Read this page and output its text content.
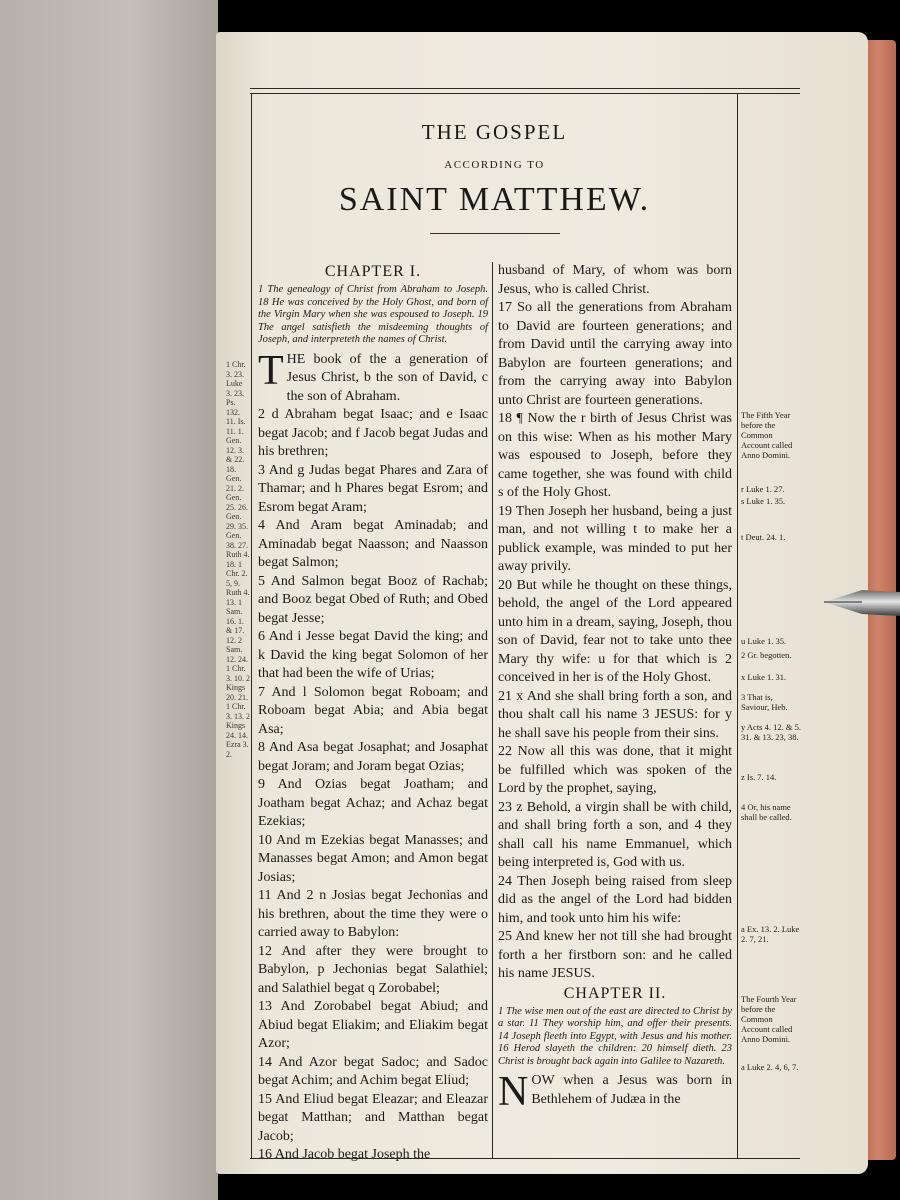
THE GOSPEL
ACCORDING TO
SAINT MATTHEW.
1 Chr. 3. 23. Luke 3. 23. Ps. 132. 11. Is. 11. 1. Gen. 12. 3. & 22. 18. Gen. 21. 2. Gen. 25. 26. Gen. 29. 35. Gen. 38. 27. Ruth 4. 18. 1 Chr. 2. 5, 9. Ruth 4. 13. 1 Sam. 16. 1. & 17. 12. 2 Sam. 12. 24. 1 Chr. 3. 10. 2 Kings 20. 21. 1 Chr. 3. 13. 2 Kings 24. 14. Ezra 3. 2.
CHAPTER I.
1 The genealogy of Christ from Abraham to Joseph. 18 He was conceived by the Holy Ghost, and born of the Virgin Mary when she was espoused to Joseph. 19 The angel satisfieth the misdeeming thoughts of Joseph, and interpreteth the names of Christ.

THE book of the a generation of Jesus Christ, b the son of David, c the son of Abraham.

2 d Abraham begat Isaac; and e Isaac begat Jacob; and f Jacob begat Judas and his brethren;

3 And g Judas begat Phares and Zara of Thamar; and h Phares begat Esrom; and Esrom begat Aram;

4 And Aram begat Aminadab; and Aminadab begat Naasson; and Naasson begat Salmon;

5 And Salmon begat Booz of Rachab; and Booz begat Obed of Ruth; and Obed begat Jesse;

6 And i Jesse begat David the king; and k David the king begat Solomon of her that had been the wife of Urias;

7 And l Solomon begat Roboam; and Roboam begat Abia; and Abia begat Asa;

8 And Asa begat Josaphat; and Josaphat begat Joram; and Joram begat Ozias;

9 And Ozias begat Joatham; and Joatham begat Achaz; and Achaz begat Ezekias;

10 And m Ezekias begat Manasses; and Manasses begat Amon; and Amon begat Josias;

11 And 2 n Josias begat Jechonias and his brethren, about the time they were o carried away to Babylon:

12 And after they were brought to Babylon, p Jechonias begat Salathiel; and Salathiel begat q Zorobabel;

13 And Zorobabel begat Abiud; and Abiud begat Eliakim; and Eliakim begat Azor;

14 And Azor begat Sadoc; and Sadoc begat Achim; and Achim begat Eliud;

15 And Eliud begat Eleazar; and Eleazar begat Matthan; and Matthan begat Jacob;

16 And Jacob begat Joseph the

husband of Mary, of whom was born Jesus, who is called Christ.

17 So all the generations from Abraham to David are fourteen generations; and from David until the carrying away into Babylon are fourteen generations; and from the carrying away into Babylon unto Christ are fourteen generations.

18 ¶ Now the r birth of Jesus Christ was on this wise: When as his mother Mary was espoused to Joseph, before they came together, she was found with child s of the Holy Ghost.

19 Then Joseph her husband, being a just man, and not willing t to make her a publick example, was minded to put her away privily.

20 But while he thought on these things, behold, the angel of the Lord appeared unto him in a dream, saying, Joseph, thou son of David, fear not to take unto thee Mary thy wife: u for that which is 2 conceived in her is of the Holy Ghost.

21 x And she shall bring forth a son, and thou shalt call his name 3 JESUS: for y he shall save his people from their sins.

22 Now all this was done, that it might be fulfilled which was spoken of the Lord by the prophet, saying,

23 z Behold, a virgin shall be with child, and shall bring forth a son, and 4 they shall call his name Emmanuel, which being interpreted is, God with us.

24 Then Joseph being raised from sleep did as the angel of the Lord had bidden him, and took unto him his wife:

25 And knew her not till she had brought forth a her firstborn son: and he called his name JESUS.

CHAPTER II.
1 The wise men out of the east are directed to Christ by a star. 11 They worship him, and offer their presents. 14 Joseph fleeth into Egypt, with Jesus and his mother. 16 Herod slayeth the children: 20 himself dieth. 23 Christ is brought back again into Galilee to Nazareth.

NOW when a Jesus was born in Bethlehem of Judæa in the

The Fifth Year before the Common Account called Anno Domini.
r Luke 1. 27.
s Luke 1. 35.
t Deut. 24. 1.
u Luke 1. 35.
2 Gr. begotten.
x Luke 1. 31.
3 That is, Saviour, Heb.
y Acts 4. 12. & 5. 31. & 13. 23, 38.
z Is. 7. 14.
4 Or, his name shall be called.
a Ex. 13. 2. Luke 2. 7, 21.
The Fourth Year before the Common Account called Anno Domini.
a Luke 2. 4, 6, 7.
